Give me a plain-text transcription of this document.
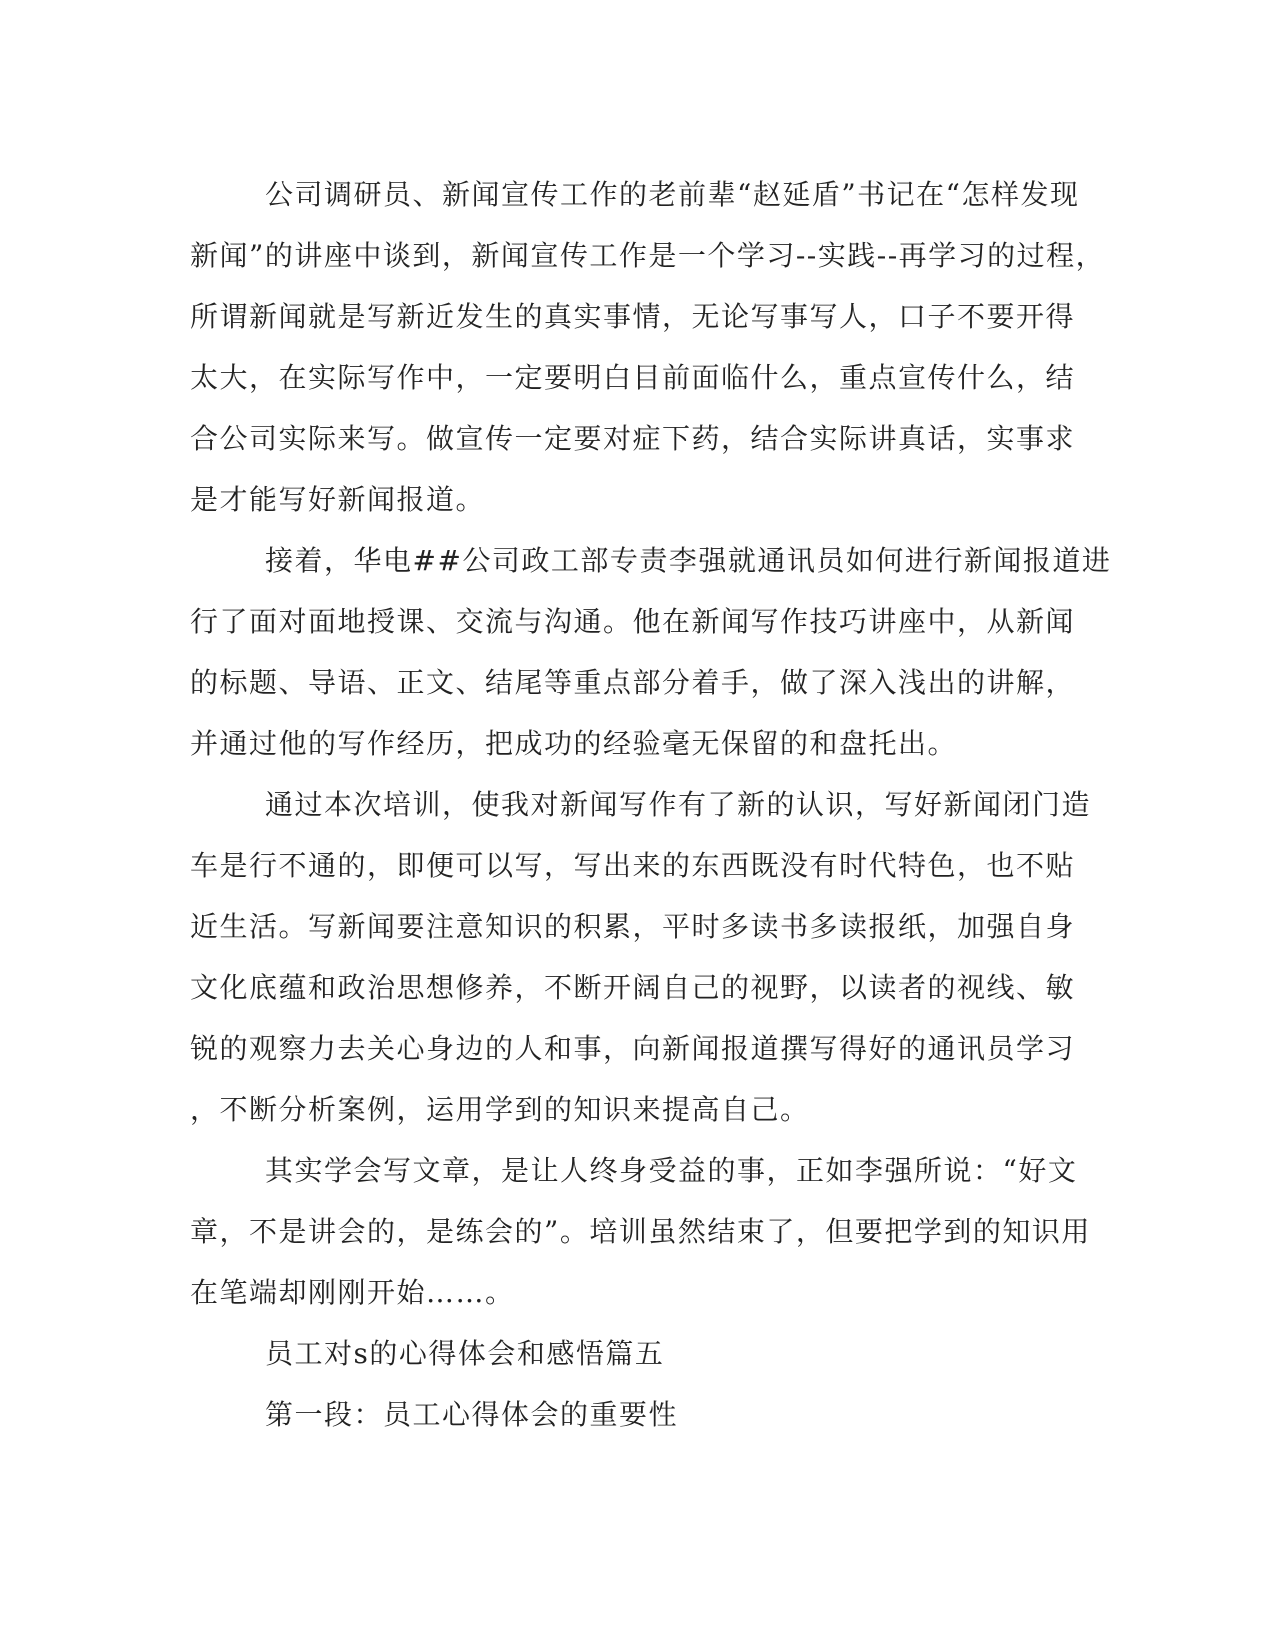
公司调研员、新闻宣传工作的老前辈“赵延盾”书记在“怎样发现
新闻”的讲座中谈到，新闻宣传工作是一个学习--实践--再学习的过程，
所谓新闻就是写新近发生的真实事情，无论写事写人，口子不要开得
太大，在实际写作中，一定要明白目前面临什么，重点宣传什么，结
合公司实际来写。做宣传一定要对症下药，结合实际讲真话，实事求
是才能写好新闻报道。
接着，华电##公司政工部专责李强就通讯员如何进行新闻报道进
行了面对面地授课、交流与沟通。他在新闻写作技巧讲座中，从新闻
的标题、导语、正文、结尾等重点部分着手，做了深入浅出的讲解，
并通过他的写作经历，把成功的经验毫无保留的和盘托出。
通过本次培训，使我对新闻写作有了新的认识，写好新闻闭门造
车是行不通的，即便可以写，写出来的东西既没有时代特色，也不贴
近生活。写新闻要注意知识的积累，平时多读书多读报纸，加强自身
文化底蕴和政治思想修养，不断开阔自己的视野，以读者的视线、敏
锐的观察力去关心身边的人和事，向新闻报道撰写得好的通讯员学习
，不断分析案例，运用学到的知识来提高自己。
其实学会写文章，是让人终身受益的事，正如李强所说：“好文
章，不是讲会的，是练会的”。培训虽然结束了，但要把学到的知识用
在笔端却刚刚开始……。
员工对s的心得体会和感悟篇五
第一段：员工心得体会的重要性
